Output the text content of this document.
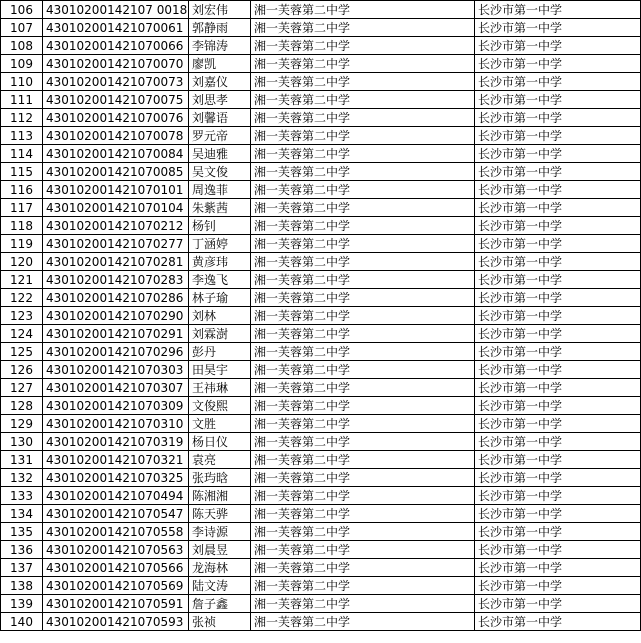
106	43010200142107 0018	刘宏伟	湘一芙蓉第二中学	长沙市第一中学
107	430102001421070061	郭静雨	湘一芙蓉第二中学	长沙市第一中学
108	430102001421070066	李锦涛	湘一芙蓉第二中学	长沙市第一中学
109	430102001421070070	廖凯	湘一芙蓉第二中学	长沙市第一中学
110	430102001421070073	刘嘉仪	湘一芙蓉第二中学	长沙市第一中学
111	430102001421070075	刘思孝	湘一芙蓉第二中学	长沙市第一中学
112	430102001421070076	刘馨语	湘一芙蓉第二中学	长沙市第一中学
113	430102001421070078	罗元帝	湘一芙蓉第二中学	长沙市第一中学
114	430102001421070084	吴迪雅	湘一芙蓉第二中学	长沙市第一中学
115	430102001421070085	吴文俊	湘一芙蓉第二中学	长沙市第一中学
116	430102001421070101	周逸菲	湘一芙蓉第二中学	长沙市第一中学
117	430102001421070104	朱紫茜	湘一芙蓉第二中学	长沙市第一中学
118	430102001421070212	杨钊	湘一芙蓉第二中学	长沙市第一中学
119	430102001421070277	丁涵婷	湘一芙蓉第二中学	长沙市第一中学
120	430102001421070281	黄彦玮	湘一芙蓉第二中学	长沙市第一中学
121	430102001421070283	李逸飞	湘一芙蓉第二中学	长沙市第一中学
122	430102001421070286	林子瑜	湘一芙蓉第二中学	长沙市第一中学
123	430102001421070290	刘林	湘一芙蓉第二中学	长沙市第一中学
124	430102001421070291	刘霖澍	湘一芙蓉第二中学	长沙市第一中学
125	430102001421070296	彭丹	湘一芙蓉第二中学	长沙市第一中学
126	430102001421070303	田昊宇	湘一芙蓉第二中学	长沙市第一中学
127	430102001421070307	王祎琳	湘一芙蓉第二中学	长沙市第一中学
128	430102001421070309	文俊熙	湘一芙蓉第二中学	长沙市第一中学
129	430102001421070310	文胜	湘一芙蓉第二中学	长沙市第一中学
130	430102001421070319	杨日仪	湘一芙蓉第二中学	长沙市第一中学
131	430102001421070321	袁亮	湘一芙蓉第二中学	长沙市第一中学
132	430102001421070325	张玙晗	湘一芙蓉第二中学	长沙市第一中学
133	430102001421070494	陈湘湘	湘一芙蓉第二中学	长沙市第一中学
134	430102001421070547	陈天骅	湘一芙蓉第二中学	长沙市第一中学
135	430102001421070558	李诗源	湘一芙蓉第二中学	长沙市第一中学
136	430102001421070563	刘晨昱	湘一芙蓉第二中学	长沙市第一中学
137	430102001421070566	龙海林	湘一芙蓉第二中学	长沙市第一中学
138	430102001421070569	陆文涛	湘一芙蓉第二中学	长沙市第一中学
139	430102001421070591	詹子鑫	湘一芙蓉第二中学	长沙市第一中学
140	430102001421070593	张祯	湘一芙蓉第二中学	长沙市第一中学
